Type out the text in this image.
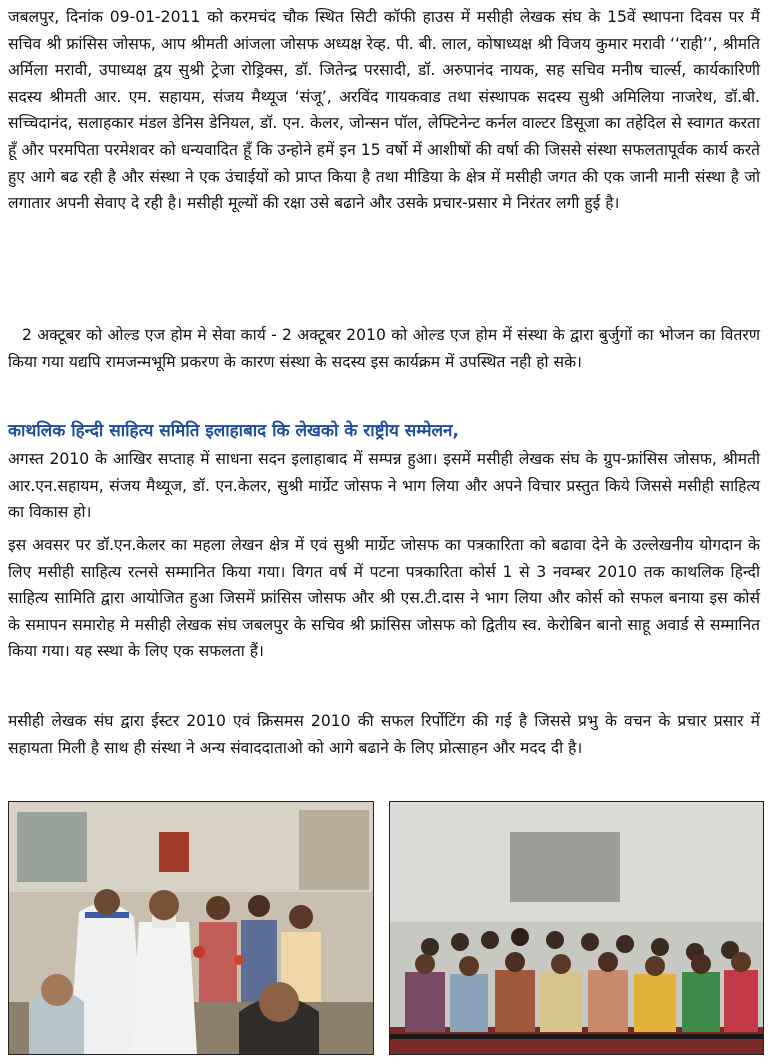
जबलपुर, दिनांक 09-01-2011 को करमचंद चौक स्थित सिटी कॉफी हाउस में मसीही लेखक संघ के 15वें स्थापना दिवस पर मैं सचिव श्री फ्रांसिस जोसफ, आप श्रीमती आंजला जोसफ अध्यक्ष रेव्ह. पी. बी. लाल, कोषाध्यक्ष श्री विजय कुमार मरावी ‘‘राही’’, श्रीमति अर्मिला मरावी, उपाध्यक्ष द्वय सुश्री ट्रेजा रोड्रिक्स, डॉ. जितेन्द्र परसादी, डॉ. अरुपानंद नायक, सह सचिव मनीष चार्ल्स, कार्यकारिणी सदस्य श्रीमती आर. एम. सहायम, संजय मैथ्यूज ‘संजू’, अरविंद गायकवाड तथा संस्थापक सदस्य सुश्री अमिलिया नाजरेथ, डॉ.बी. सच्चिदानंद, सलाहकार मंडल डेनिस डेनियल, डॉ. एन. केलर, जोन्सन पॉल, लेफ्टिनेन्ट कर्नल वाल्टर डिसूजा का तहेदिल से स्वागत करता हूँ और परमपिता परमेशवर को धन्यवादित हूँ कि उन्होने हमें इन 15 वर्षो में आशीषों की वर्षा की जिससे संस्था सफलतापूर्वक कार्य करते हुए आगे बढ रही है और संस्था ने एक उंचाईयों को प्राप्त किया है तथा मीडिया के क्षेत्र में मसीही जगत की एक जानी मानी संस्था है जो लगातार अपनी सेवाए दे रही है। मसीही मूल्यों की रक्षा उसे बढाने और उसके प्रचार-प्रसार मे निरंतर लगी हुई है।

2 अक्टूबर को ओल्ड एज होम मे सेवा कार्य - 2 अक्टूबर 2010 को ओल्ड एज होम में संस्था के द्वारा बुर्जुगों का भोजन का वितरण किया गया यद्यपि रामजन्मभूमि प्रकरण के कारण संस्था के सदस्य इस कार्यक्रम में उपस्थित नही हो सके।

काथलिक हिन्दी साहित्य समिति इलाहाबाद कि लेखको के राष्ट्रीय सम्मेलन,

अगस्त 2010 के आखिर सप्ताह में साधना सदन इलाहाबाद में सम्पन्न हुआ। इसमें मसीही लेखक संघ के ग्रुप-फ्रांसिस जोसफ, श्रीमती आर.एन.सहायम, संजय मैथ्यूज, डॉ. एन.केलर, सुश्री मार्ग्रेट जोसफ ने भाग लिया और अपने विचार प्रस्तुत किये जिससे मसीही साहित्य का विकास हो।

इस अवसर पर डॉ.एन.केलर का महला लेखन क्षेत्र में एवं सुश्री मार्ग्रेट जोसफ का पत्रकारिता को बढावा देने के उल्लेखनीय योगदान के लिए मसीही साहित्य रत्नसे सम्मानित किया गया। विगत वर्ष में पटना पत्रकारिता कोर्स 1 से 3 नवम्बर 2010 तक काथलिक हिन्दी साहित्य सामिति द्वारा आयोजित हुआ जिसमें फ्रांसिस जोसफ और श्री एस.टी.दास ने भाग लिया और कोर्स को सफल बनाया इस कोर्स के समापन समारोह मे मसीही लेखक संघ जबलपुर के सचिव श्री फ्रांसिस जोसफ को द्वितीय स्व. केरोबिन बानो साहू अवार्ड से सम्मानित किया गया। यह स्स्था के लिए एक सफलता हैं।

मसीही लेखक संघ द्वारा ईस्टर 2010 एवं क्रिसमस 2010 की सफल रिर्पोटिंग की गई है जिससे प्रभु के वचन के प्रचार प्रसार में सहायता मिली है साथ ही संस्था ने अन्य संवाददाताओ को आगे बढाने के लिए प्रोत्साहन और मदद दी है।
